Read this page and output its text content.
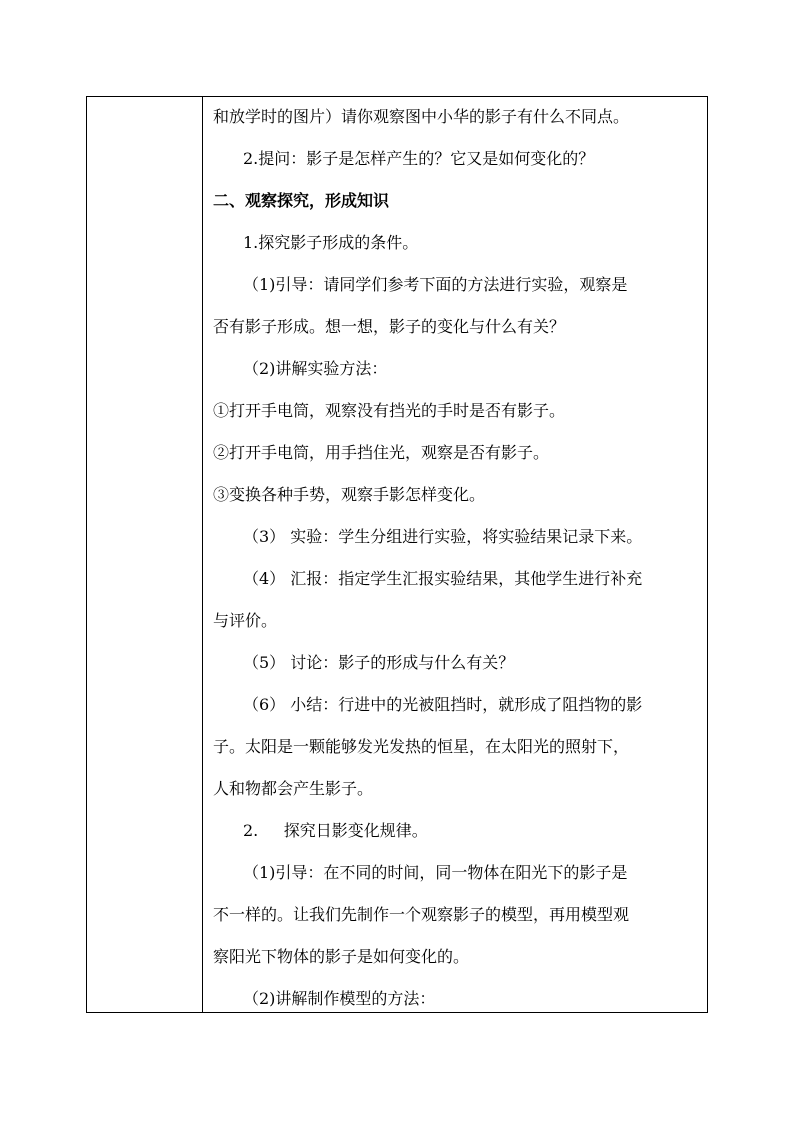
和放学时的图片）请你观察图中小华的影子有什么不同点。
2.提问：影子是怎样产生的？它又是如何变化的？
二、观察探究，形成知识
1.探究影子形成的条件。
（1)引导：请同学们参考下面的方法进行实验，观察是
否有影子形成。想一想，影子的变化与什么有关？
（2)讲解实验方法：
①打开手电筒，观察没有挡光的手时是否有影子。
②打开手电筒，用手挡住光，观察是否有影子。
③变换各种手势，观察手影怎样变化。
（3） 实验：学生分组进行实验，将实验结果记录下来。
（4） 汇报：指定学生汇报实验结果，其他学生进行补充
与评价。
（5） 讨论：影子的形成与什么有关？
（6） 小结：行进中的光被阻挡时，就形成了阻挡物的影
子。太阳是一颗能够发光发热的恒星，在太阳光的照射下，
人和物都会产生影子。
2.     探究日影变化规律。
（1)引导：在不同的时间，同一物体在阳光下的影子是
不一样的。让我们先制作一个观察影子的模型，再用模型观
察阳光下物体的影子是如何变化的。
（2)讲解制作模型的方法：
